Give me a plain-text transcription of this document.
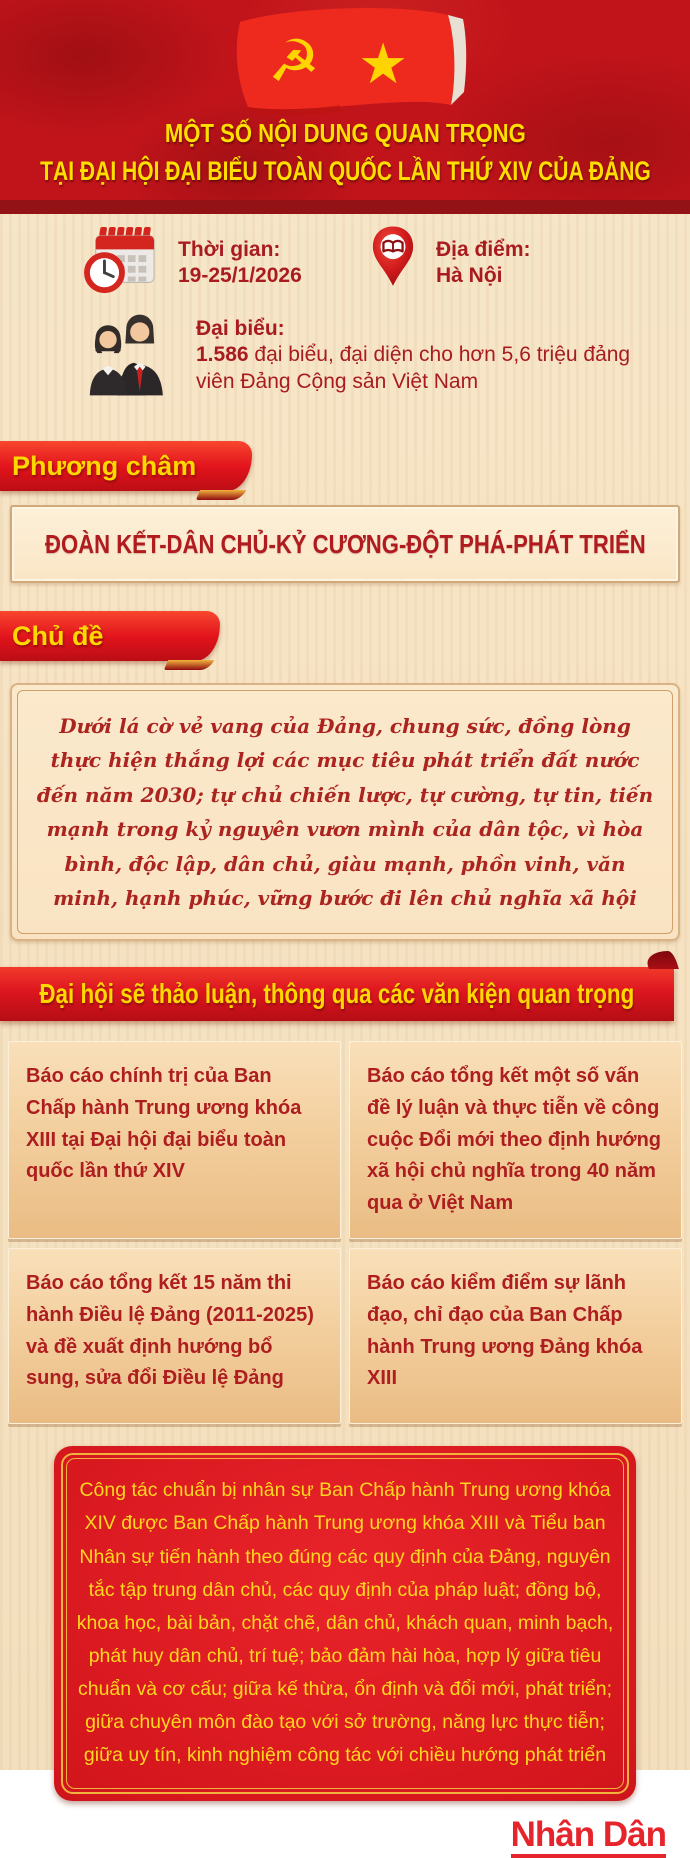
☭ ★
MỘT SỐ NỘI DUNG QUAN TRỌNG
TẠI ĐẠI HỘI ĐẠI BIỂU TOÀN QUỐC LẦN THỨ XIV CỦA ĐẢNG
Thời gian:
19-25/1/2026
Địa điểm:
Hà Nội
Đại biểu:
1.586 đại biểu, đại diện cho hơn 5,6 triệu đảng viên Đảng Cộng sản Việt Nam
Phương châm
ĐOÀN KẾT-DÂN CHỦ-KỶ CƯƠNG-ĐỘT PHÁ-PHÁT TRIỂN
Chủ đề

Dưới lá cờ vẻ vang của Đảng, chung sức, đồng lòng thực hiện thắng lợi các mục tiêu phát triển đất nước đến năm 2030; tự chủ chiến lược, tự cường, tự tin, tiến mạnh trong kỷ nguyên vươn mình của dân tộc, vì hòa bình, độc lập, dân chủ, giàu mạnh, phồn vinh, văn minh, hạnh phúc, vững bước đi lên chủ nghĩa xã hội

Đại hội sẽ thảo luận, thông qua các văn kiện quan trọng

Báo cáo chính trị của Ban Chấp hành Trung ương khóa XIII tại Đại hội đại biểu toàn quốc lần thứ XIV

Báo cáo tổng kết một số vấn đề lý luận và thực tiễn về công cuộc Đổi mới theo định hướng xã hội chủ nghĩa trong 40 năm qua ở Việt Nam

Báo cáo tổng kết 15 năm thi hành Điều lệ Đảng (2011-2025) và đề xuất định hướng bổ sung, sửa đổi Điều lệ Đảng

Báo cáo kiểm điểm sự lãnh đạo, chỉ đạo của Ban Chấp hành Trung ương Đảng khóa XIII

Công tác chuẩn bị nhân sự Ban Chấp hành Trung ương khóa XIV được Ban Chấp hành Trung ương khóa XIII và Tiểu ban Nhân sự tiến hành theo đúng các quy định của Đảng, nguyên tắc tập trung dân chủ, các quy định của pháp luật; đồng bộ, khoa học, bài bản, chặt chẽ, dân chủ, khách quan, minh bạch, phát huy dân chủ, trí tuệ; bảo đảm hài hòa, hợp lý giữa tiêu chuẩn và cơ cấu; giữa kế thừa, ổn định và đổi mới, phát triển; giữa chuyên môn đào tạo với sở trường, năng lực thực tiễn; giữa uy tín, kinh nghiệm công tác với chiều hướng phát triển

Nhân Dân
